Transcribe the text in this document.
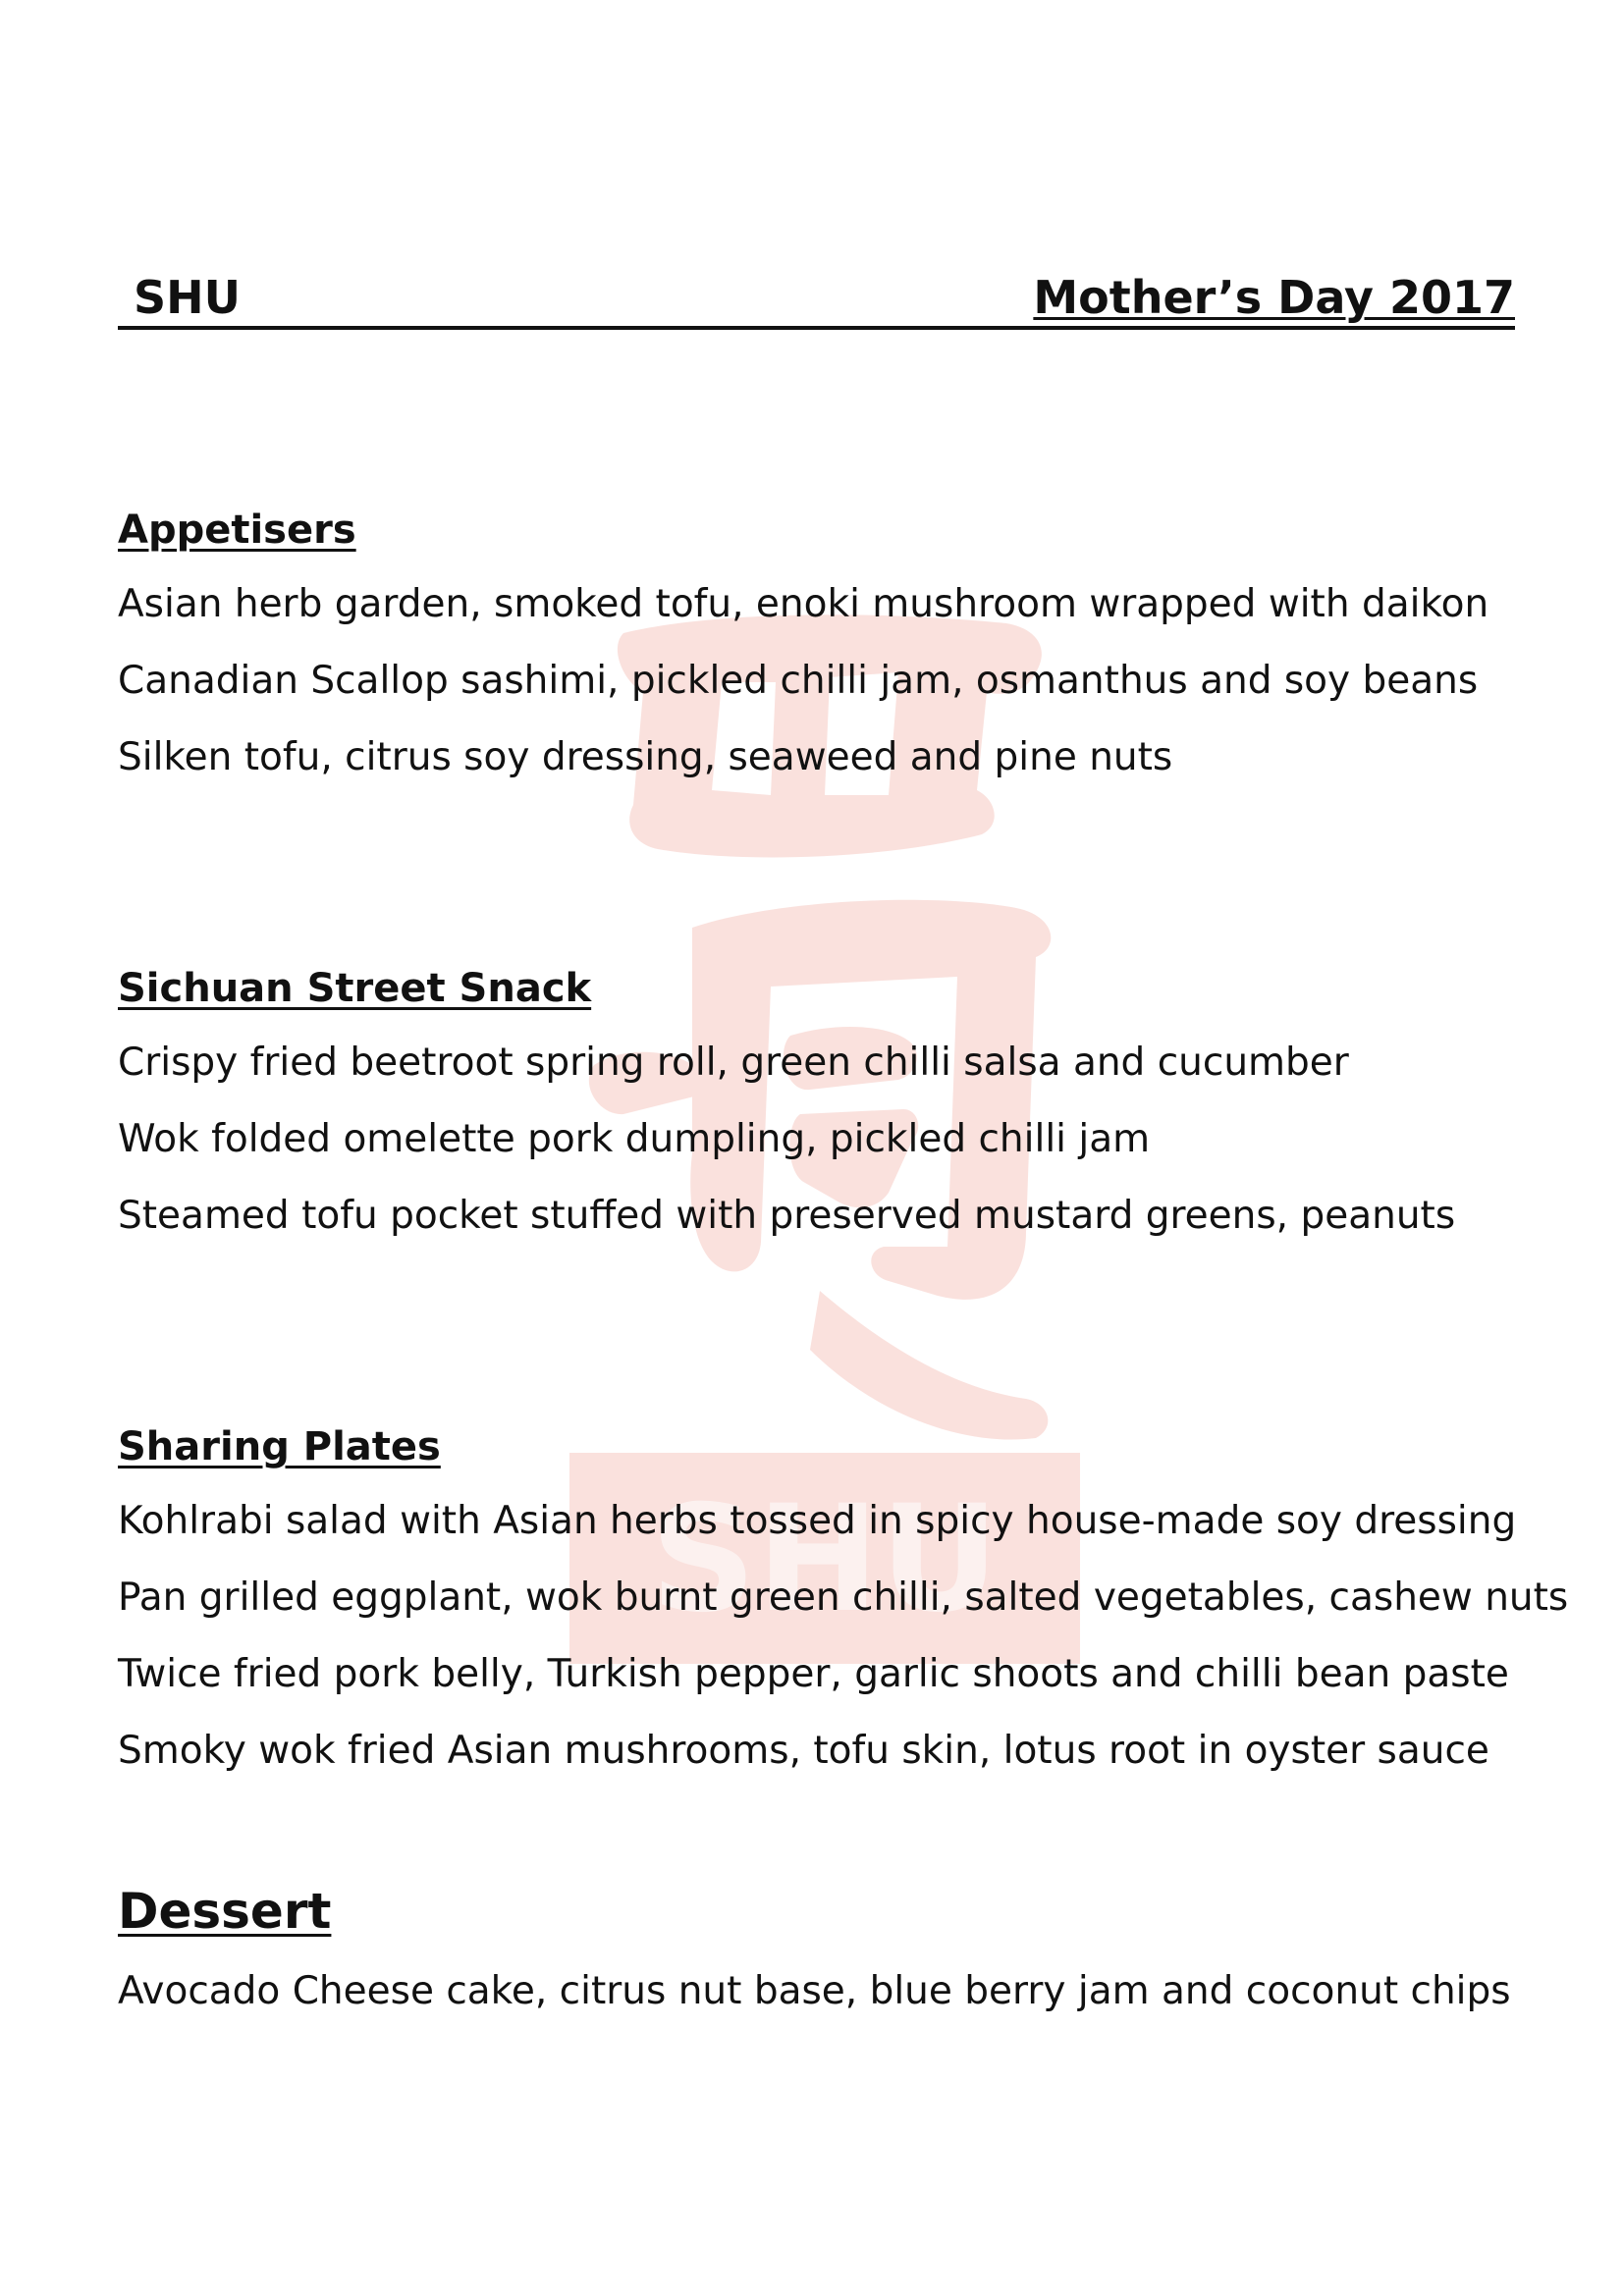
SHU
SHU	Mother’s Day 2017
Appetisers
Asian herb garden, smoked tofu, enoki mushroom wrapped with daikon
Canadian Scallop sashimi, pickled chilli jam, osmanthus and soy beans
Silken tofu, citrus soy dressing, seaweed and pine nuts
Sichuan Street Snack
Crispy fried beetroot spring roll, green chilli salsa and cucumber
Wok folded omelette pork dumpling, pickled chilli jam
Steamed tofu pocket stuffed with preserved mustard greens, peanuts
Sharing Plates
Kohlrabi salad with Asian herbs tossed in spicy house-made soy dressing
Pan grilled eggplant, wok burnt green chilli, salted vegetables, cashew nuts
Twice fried pork belly, Turkish pepper, garlic shoots and chilli bean paste
Smoky wok fried Asian mushrooms, tofu skin, lotus root in oyster sauce
Dessert
Avocado Cheese cake, citrus nut base, blue berry jam and coconut chips
